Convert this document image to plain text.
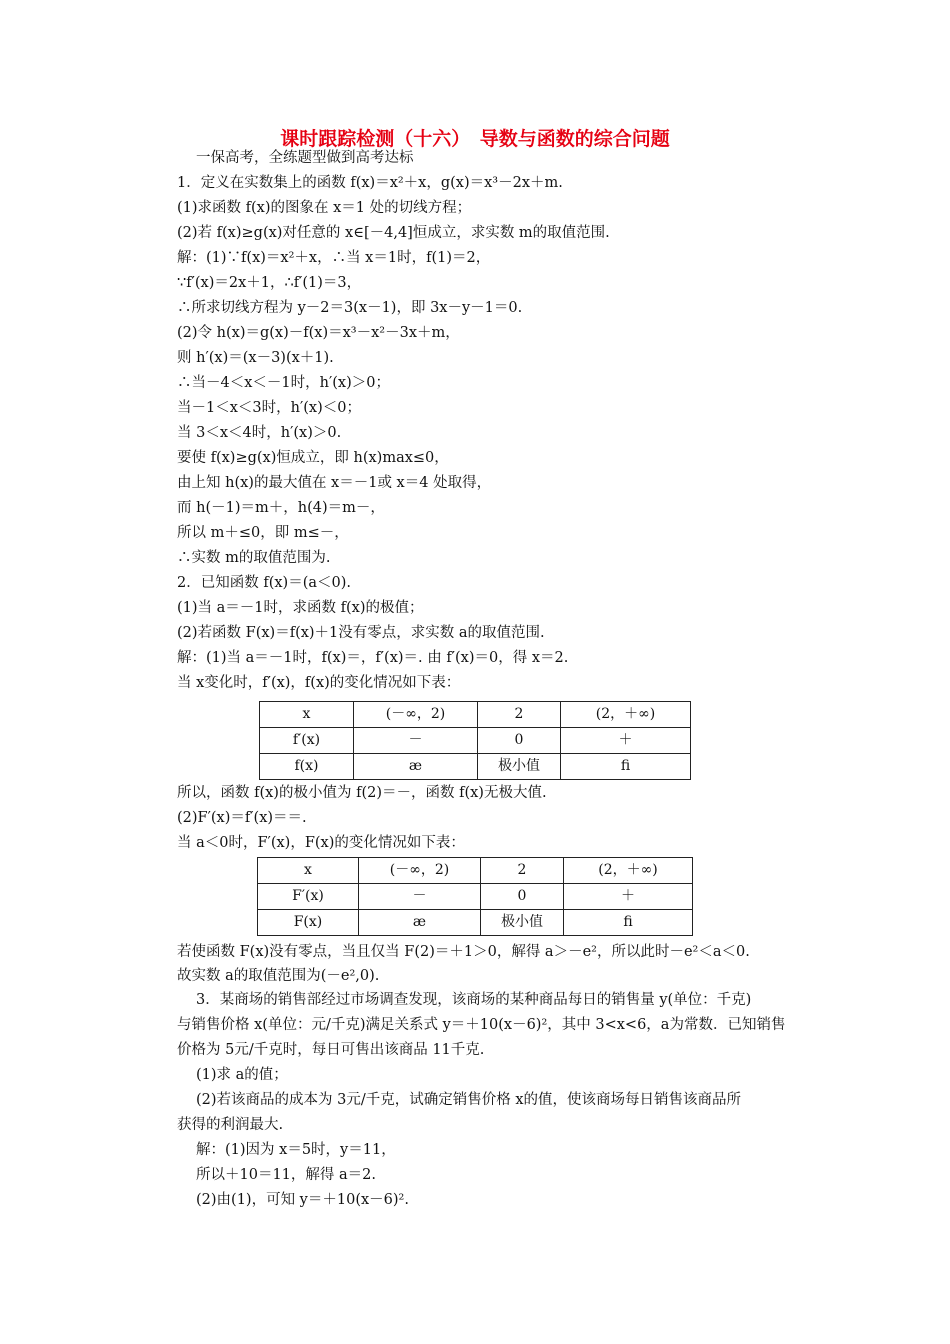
课时跟踪检测（十六）　导数与函数的综合问题
一保高考，全练题型做到高考达标
1．定义在实数集上的函数 f(x)＝x²＋x，g(x)＝x³－2x＋m.
(1)求函数 f(x)的图象在 x＝1 处的切线方程；
(2)若 f(x)≥g(x)对任意的 x∈[－4,4]恒成立，求实数 m的取值范围.
解：(1)∵f(x)＝x²＋x，∴当 x＝1时，f(1)＝2，
∵f′(x)＝2x＋1，∴f′(1)＝3，
∴所求切线方程为 y－2＝3(x－1)，即 3x－y－1＝0.
(2)令 h(x)＝g(x)－f(x)＝x³－x²－3x＋m，
则 h′(x)＝(x－3)(x＋1).
∴当－4＜x＜－1时，h′(x)＞0；
当－1＜x＜3时，h′(x)＜0；
当 3＜x＜4时，h′(x)＞0.
要使 f(x)≥g(x)恒成立，即 h(x)max≤0，
由上知 h(x)的最大值在 x＝－1或 x＝4 处取得，
而 h(－1)＝m＋，h(4)＝m－，
所以 m＋≤0，即 m≤－，
∴实数 m的取值范围为.
2．已知函数 f(x)＝(a＜0).
(1)当 a＝－1时，求函数 f(x)的极值；
(2)若函数 F(x)＝f(x)＋1没有零点，求实数 a的取值范围.
解：(1)当 a＝－1时，f(x)＝，f′(x)＝. 由 f′(x)＝0，得 x＝2.
当 x变化时，f′(x)，f(x)的变化情况如下表：
x	(－∞，2)	2	(2，＋∞)
f′(x)	－	0	＋
f(x)	æ	极小值	ﬁ
所以，函数 f(x)的极小值为 f(2)＝－，函数 f(x)无极大值.
(2)F′(x)＝f′(x)＝＝.
当 a＜0时，F′(x)，F(x)的变化情况如下表：
x	(－∞，2)	2	(2，＋∞)
F′(x)	－	0	＋
F(x)	æ	极小值	ﬁ
若使函数 F(x)没有零点，当且仅当 F(2)＝＋1＞0，解得 a＞－e²，所以此时－e²＜a＜0.
故实数 a的取值范围为(－e²,0).
3．某商场的销售部经过市场调查发现，该商场的某种商品每日的销售量 y(单位：千克)
与销售价格 x(单位：元/千克)满足关系式 y＝＋10(x－6)²，其中 3<x<6，a为常数．已知销售
价格为 5元/千克时，每日可售出该商品 11千克.
(1)求 a的值；
(2)若该商品的成本为 3元/千克，试确定销售价格 x的值，使该商场每日销售该商品所
获得的利润最大.
解：(1)因为 x＝5时，y＝11，
所以＋10＝11，解得 a＝2.
(2)由(1)，可知 y＝＋10(x－6)².
